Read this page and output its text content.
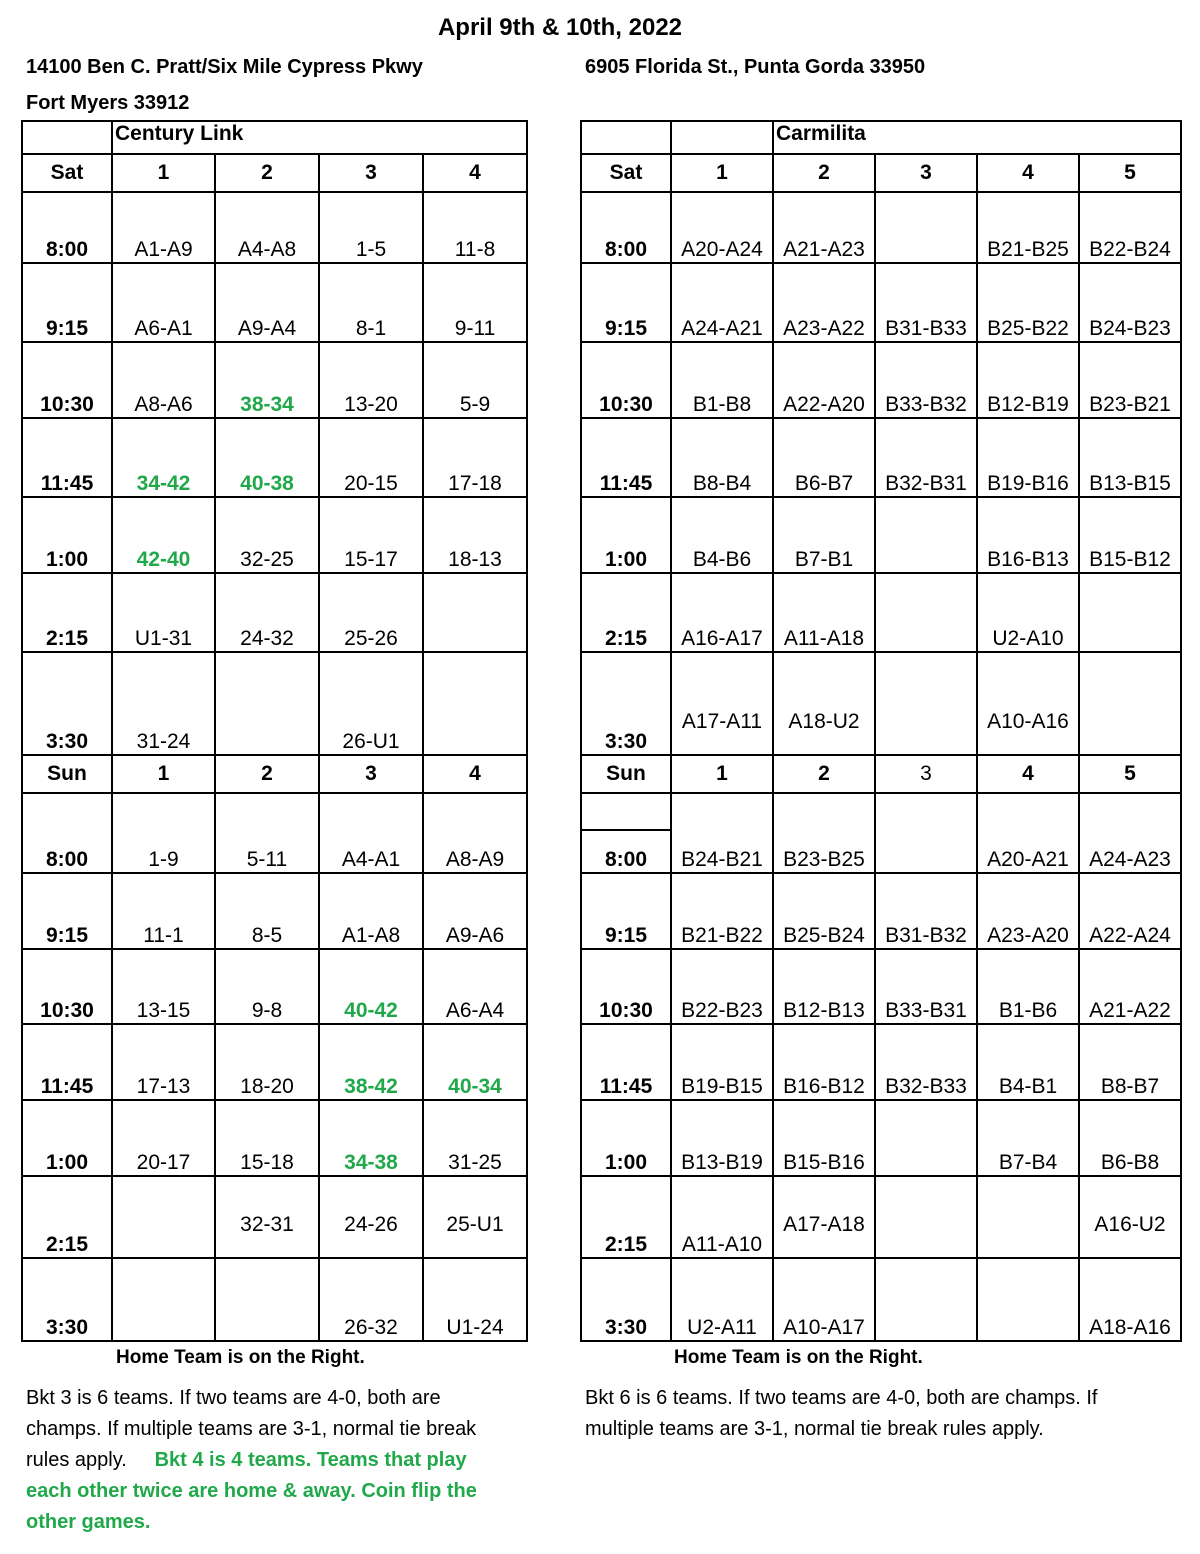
April 9th & 10th, 2022
14100 Ben C. Pratt/Six Mile Cypress Pkwy
Fort Myers 33912
6905 Florida St., Punta Gorda 33950
	Century Link			
Sat	1	2	3	4
8:00	A1-A9	A4-A8	1-5	11-8
9:15	A6-A1	A9-A4	8-1	9-11
10:30	A8-A6	38-34	13-20	5-9
11:45	34-42	40-38	20-15	17-18
1:00	42-40	32-25	15-17	18-13
2:15	U1-31	24-32	25-26	
3:30	31-24		26-U1	
Sun	1	2	3	4
8:00	1-9	5-11	A4-A1	A8-A9
9:15	11-1	8-5	A1-A8	A9-A6
10:30	13-15	9-8	40-42	A6-A4
11:45	17-13	18-20	38-42	40-34
1:00	20-17	15-18	34-38	31-25
2:15		32-31	24-26	25-U1
3:30			26-32	U1-24
		Carmilita			
Sat	1	2	3	4	5
8:00	A20-A24	A21-A23		B21-B25	B22-B24
9:15	A24-A21	A23-A22	B31-B33	B25-B22	B24-B23
10:30	B1-B8	A22-A20	B33-B32	B12-B19	B23-B21
11:45	B8-B4	B6-B7	B32-B31	B19-B16	B13-B15
1:00	B4-B6	B7-B1		B16-B13	B15-B12
2:15	A16-A17	A11-A18		U2-A10	
3:30	A17-A11	A18-U2		A10-A16	
Sun	1	2	3	4	5

8:00	B24-B21	B23-B25		A20-A21	A24-A23
9:15	B21-B22	B25-B24	B31-B32	A23-A20	A22-A24
10:30	B22-B23	B12-B13	B33-B31	B1-B6	A21-A22
11:45	B19-B15	B16-B12	B32-B33	B4-B1	B8-B7
1:00	B13-B19	B15-B16		B7-B4	B6-B8
2:15	A11-A10	A17-A18			A16-U2
3:30	U2-A11	A10-A17			A18-A16
Home Team is on the Right.	Home Team is on the Right.
Bkt 3 is 6 teams. If two teams are 4-0, both are champs. If multiple teams are 3-1, normal tie break rules apply. Bkt 4 is 4 teams. Teams that play each other twice are home & away. Coin flip the other games.
Bkt 6 is 6 teams. If two teams are 4-0, both are champs. If multiple teams are 3-1, normal tie break rules apply.
